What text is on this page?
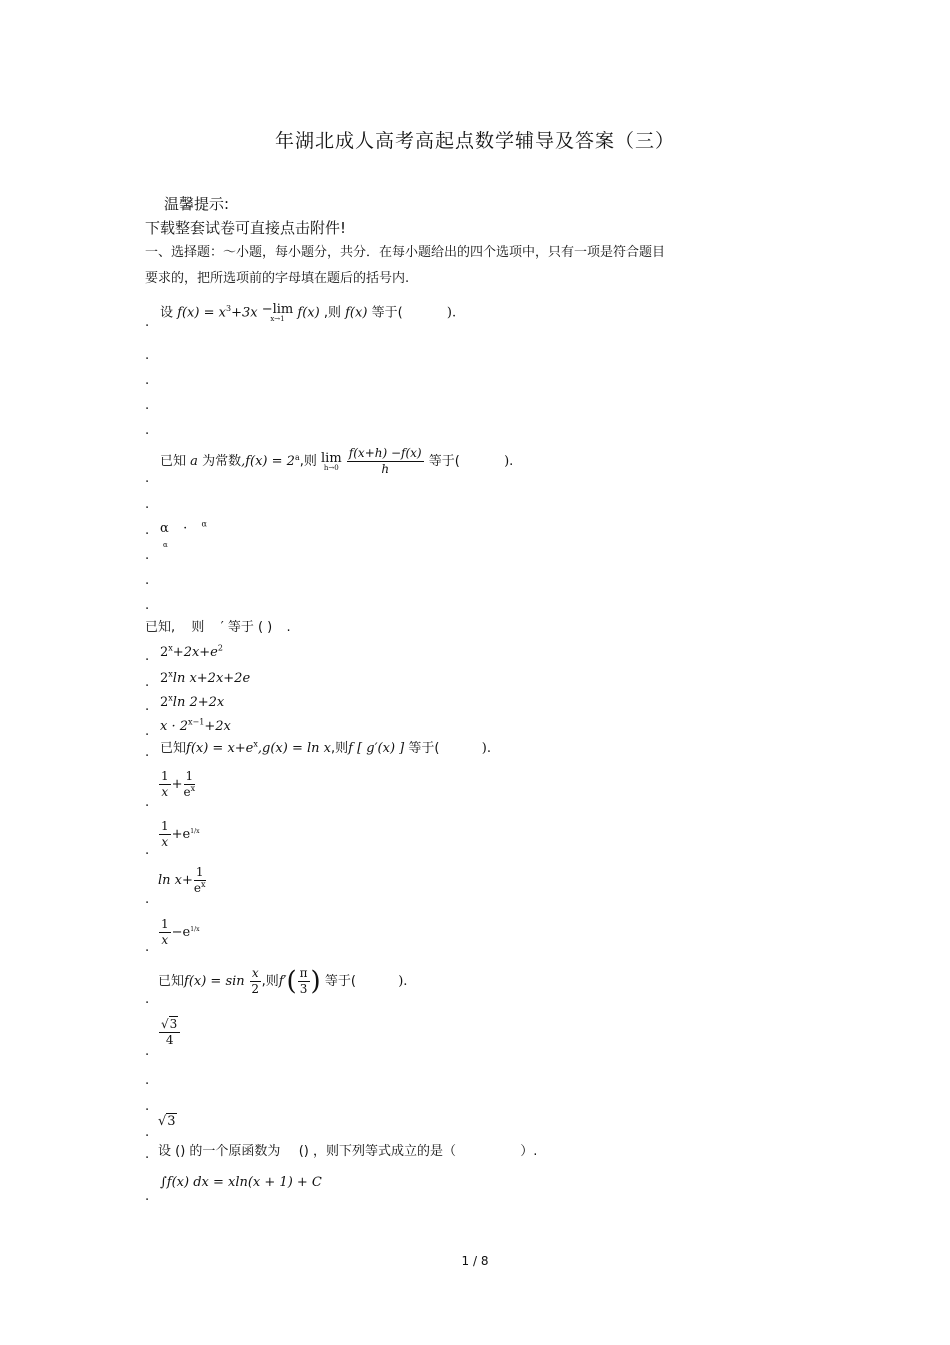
年湖北成人高考高起点数学辅导及答案（三）
温馨提示:
下载整套试卷可直接点击附件!
一、选择题：～小题，每小题分，共分．在每小题给出的四个选项中，只有一项是符合题目
要求的，把所选项前的字母填在题后的括号内.
.
设 $f(x) = x^3+3x -\lim$
x→1 f(x) ,则 f(x) 等于(	).
.
.
.
.
.
已知 a 为常数$,f(x) = 2^a$,则 lim
h→0
$\frac{f(x+h) -f(x)}{h}$ 等于(	).
.
. α · $^\alpha$
.
α
.
.
已知, 则 ′ 等于 ( ) .
. $2^x+2x+e^2$
. 2$^x$ln x+2x+2e
. 2$^x$ln 2+2x
. $x \cdot 2^{x-1}+2x$
. 已知$f(x) = x+e^x,g(x) = \ln x$,则f [ g′(x) ] 等于(	).
.
$\frac{1}{x} + \frac{1}{e^x}$
.
$\frac{1}{x} +e^{1/x}$
.
$\ln x+ \frac{1}{e^x}$
.
$\frac{1}{x} -e^{1/x}$
.
已知$f(x) = \sin \frac{x}{2}$ ,则$f'( \frac{\pi}{3}$ ) 等于(	).
.
$\frac{√3}{4}$
.
.
.
√3
. 设 () 的一个原函数为 () ，则下列等式成立的是（	）.
.
∫f(x) dx = xln(x + 1) + C
1 / 8
